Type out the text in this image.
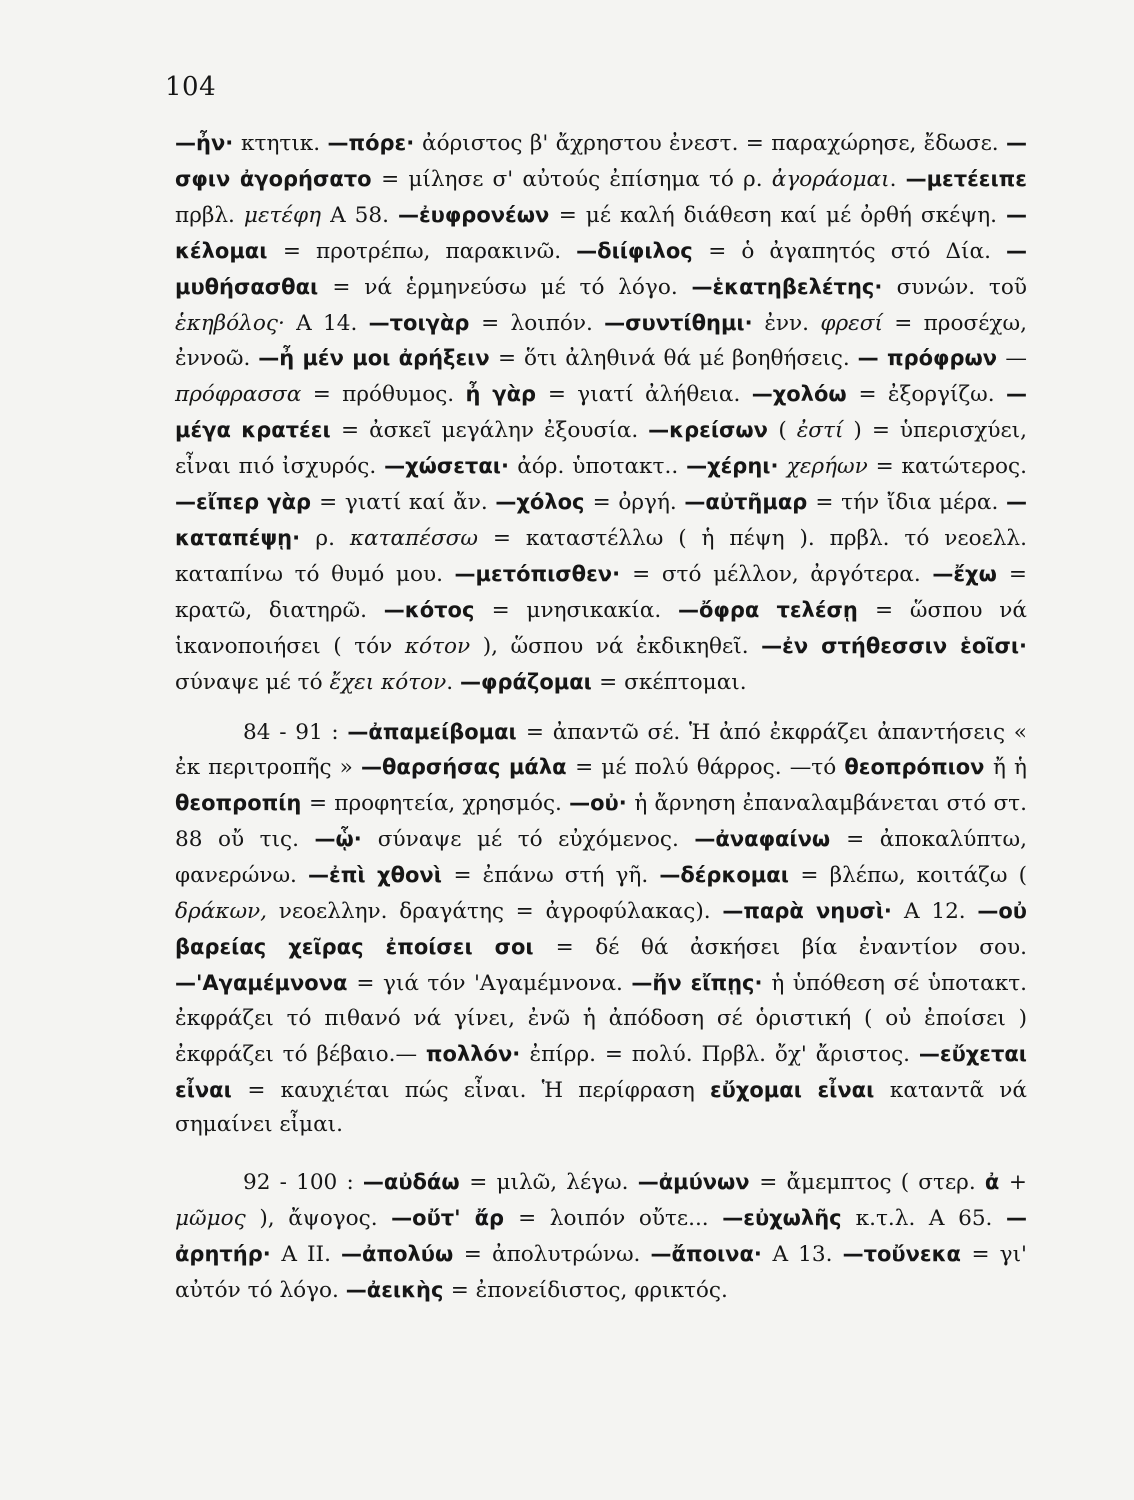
104

—ἦν· κτητικ. —πόρε· ἀόριστος β' ἄχρηστου ἐνεστ. = παραχώρησε, ἔδωσε. —σφιν ἀγορήσατο = μίλησε σ' αὐτούς ἐπίσημα τό ρ. ἀγοράομαι. —μετέειπε πρβλ. μετέφη Α 58. —ἐυφρονέων = μέ καλή διάθεση καί μέ ὀρθή σκέψη. —κέλομαι = προτρέπω, παρακινῶ. —διίφιλος = ὁ ἀγαπητός στό Δία. —μυθήσασθαι = νά ἑρμηνεύσω μέ τό λόγο. —ἑκατηβελέτης· συνών. τοῦ ἑκηβόλος· Α 14. —τοιγὰρ = λοιπόν. —συντίθημι· ἐνν. φρεσί = προσέχω, ἐννοῶ. —ἦ μέν μοι ἀρήξειν = ὅτι ἀληθινά θά μέ βοηθήσεις. — πρόφρων — πρόφρασσα = πρόθυμος. ἦ γὰρ = γιατί ἀλήθεια. —χολόω = ἐξοργίζω. —μέγα κρατέει = ἀσκεῖ μεγάλην ἐξουσία. —κρείσων ( ἐστί ) = ὑπερισχύει, εἶναι πιό ἰσχυρός. —χώσεται· ἀόρ. ὑποτακτ.. —χέρηι· χερήων = κατώτερος. —εἴπερ γὰρ = γιατί καί ἄν. —χόλος = ὀργή. —αὐτῆμαρ = τήν ἴδια μέρα. —καταπέψῃ· ρ. καταπέσσω = καταστέλλω ( ἡ πέψη ). πρβλ. τό νεοελλ. καταπίνω τό θυμό μου. —μετόπισθεν· = στό μέλλον, ἀργότερα. —ἔχω = κρατῶ, διατηρῶ. —κότος = μνησικακία. —ὄφρα τελέσῃ = ὥσπου νά ἱκανοποιήσει ( τόν κότον ), ὥσπου νά ἐκδικηθεῖ. —ἐν στήθεσσιν ἑοῖσι· σύναψε μέ τό ἔχει κότον. —φράζομαι = σκέπτομαι.

84 - 91 : —ἀπαμείβομαι = ἀπαντῶ σέ. Ἡ ἀπό ἐκφράζει ἀπαντήσεις « ἐκ περιτροπῆς » —θαρσήσας μάλα = μέ πολύ θάρρος. —τό θεοπρόπιον ἤ ἡ θεοπροπίη = προφητεία, χρησμός. —οὐ· ἡ ἄρνηση ἐπαναλαμβάνεται στό στ. 88 οὔ τις. —ᾧ· σύναψε μέ τό εὐχόμενος. —ἀναφαίνω = ἀποκαλύπτω, φανερώνω. —ἐπὶ χθονὶ = ἐπάνω στή γῆ. —δέρκομαι = βλέπω, κοιτάζω ( δράκων, νεοελλην. δραγάτης = ἀγροφύλακας). —παρὰ νηυσὶ· Α 12. —οὐ βαρείας χεῖρας ἐποίσει σοι = δέ θά ἀσκήσει βία ἐναντίον σου. —'Αγαμέμνονα = γιά τόν 'Αγαμέμνονα. —ἤν εἴπῃς· ἡ ὑπόθεση σέ ὑποτακτ. ἐκφράζει τό πιθανό νά γίνει, ἐνῶ ἡ ἀπόδοση σέ ὁριστική ( οὐ ἐποίσει ) ἐκφράζει τό βέβαιο.— πολλόν· ἐπίρρ. = πολύ. Πρβλ. ὄχ' ἄριστος. —εὔχεται εἶναι = καυχιέται πώς εἶναι. Ἡ περίφραση εὔχομαι εἶναι καταντᾶ νά σημαίνει εἶμαι.

92 - 100 : —αὐδάω = μιλῶ, λέγω. —ἀμύνων = ἄμεμπτος ( στερ. ἀ + μῶμος ), ἄψογος. —οὔτ' ἄρ = λοιπόν οὔτε... —εὐχωλῆς κ.τ.λ. Α 65. —ἀρητήρ· Α ΙΙ. —ἀπολύω = ἀπολυτρώνω. —ἄποινα· Α 13. —τοὔνεκα = γι' αὐτόν τό λόγο. —ἀεικὴς = ἐπονείδιστος, φρικτός.
